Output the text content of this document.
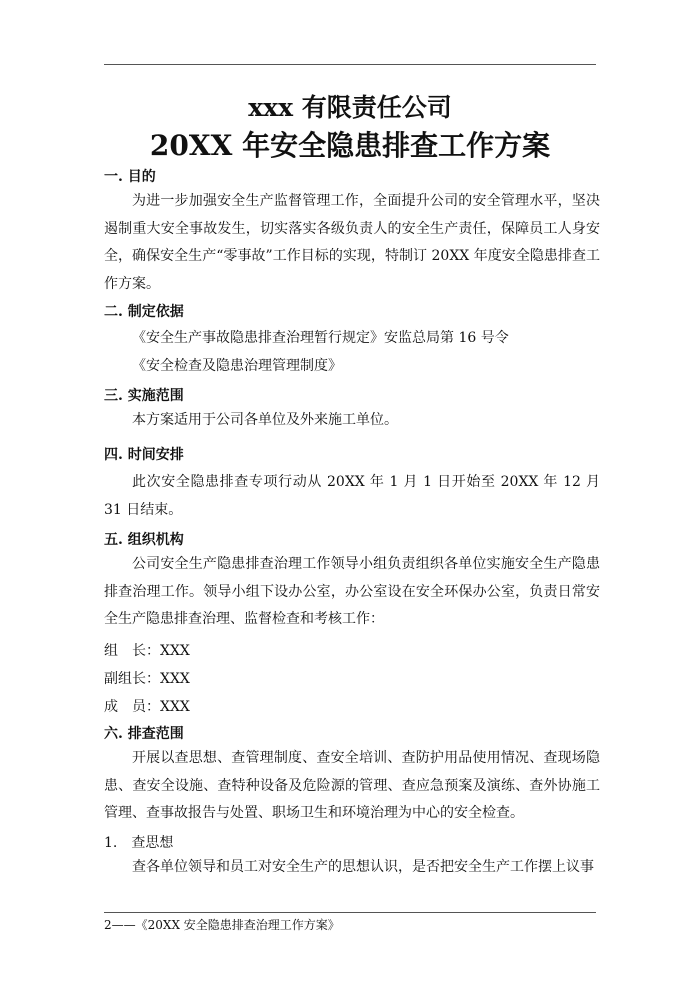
xxx 有限责任公司
20XX 年安全隐患排查工作方案
一. 目的
为进一步加强安全生产监督管理工作，全面提升公司的安全管理水平，坚决遏制重大安全事故发生，切实落实各级负责人的安全生产责任，保障员工人身安全，确保安全生产“零事故”工作目标的实现，特制订 20XX 年度安全隐患排查工作方案。
二. 制定依据
《安全生产事故隐患排查治理暂行规定》安监总局第 16 号令
《安全检查及隐患治理管理制度》
三. 实施范围
本方案适用于公司各单位及外来施工单位。
四. 时间安排
此次安全隐患排查专项行动从 20XX 年 1 月 1 日开始至 20XX 年 12 月 31 日结束。
五. 组织机构
公司安全生产隐患排查治理工作领导小组负责组织各单位实施安全生产隐患排查治理工作。领导小组下设办公室，办公室设在安全环保办公室，负责日常安全生产隐患排查治理、监督检查和考核工作：
组　长：XXX
副组长：XXX
成　员：XXX
六. 排查范围
开展以查思想、查管理制度、查安全培训、查防护用品使用情况、查现场隐患、查安全设施、查特种设备及危险源的管理、查应急预案及演练、查外协施工管理、查事故报告与处置、职场卫生和环境治理为中心的安全检查。
1.　查思想
查各单位领导和员工对安全生产的思想认识，是否把安全生产工作摆上议事
2——《20XX 安全隐患排查治理工作方案》
